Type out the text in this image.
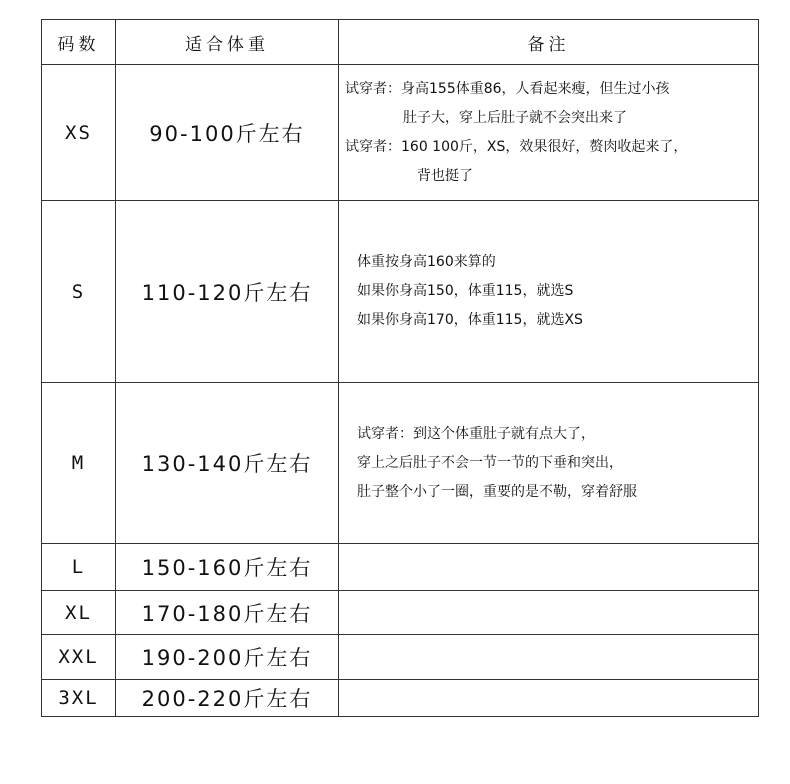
码数	适合体重	备注
XS	90-100斤左右	试穿者：身高155体重86，人看起来瘦，但生过小孩
肚子大，穿上后肚子就不会突出来了
试穿者：160 100斤，XS，效果很好，赘肉收起来了，
背也挺了

S	110-120斤左右	体重按身高160来算的
如果你身高150，体重115，就选S
如果你身高170，体重115，就选XS

M	130-140斤左右	试穿者：到这个体重肚子就有点大了，
穿上之后肚子不会一节一节的下垂和突出，
肚子整个小了一圈，重要的是不勒，穿着舒服

L	150-160斤左右	
XL	170-180斤左右	
XXL	190-200斤左右	
3XL	200-220斤左右	
